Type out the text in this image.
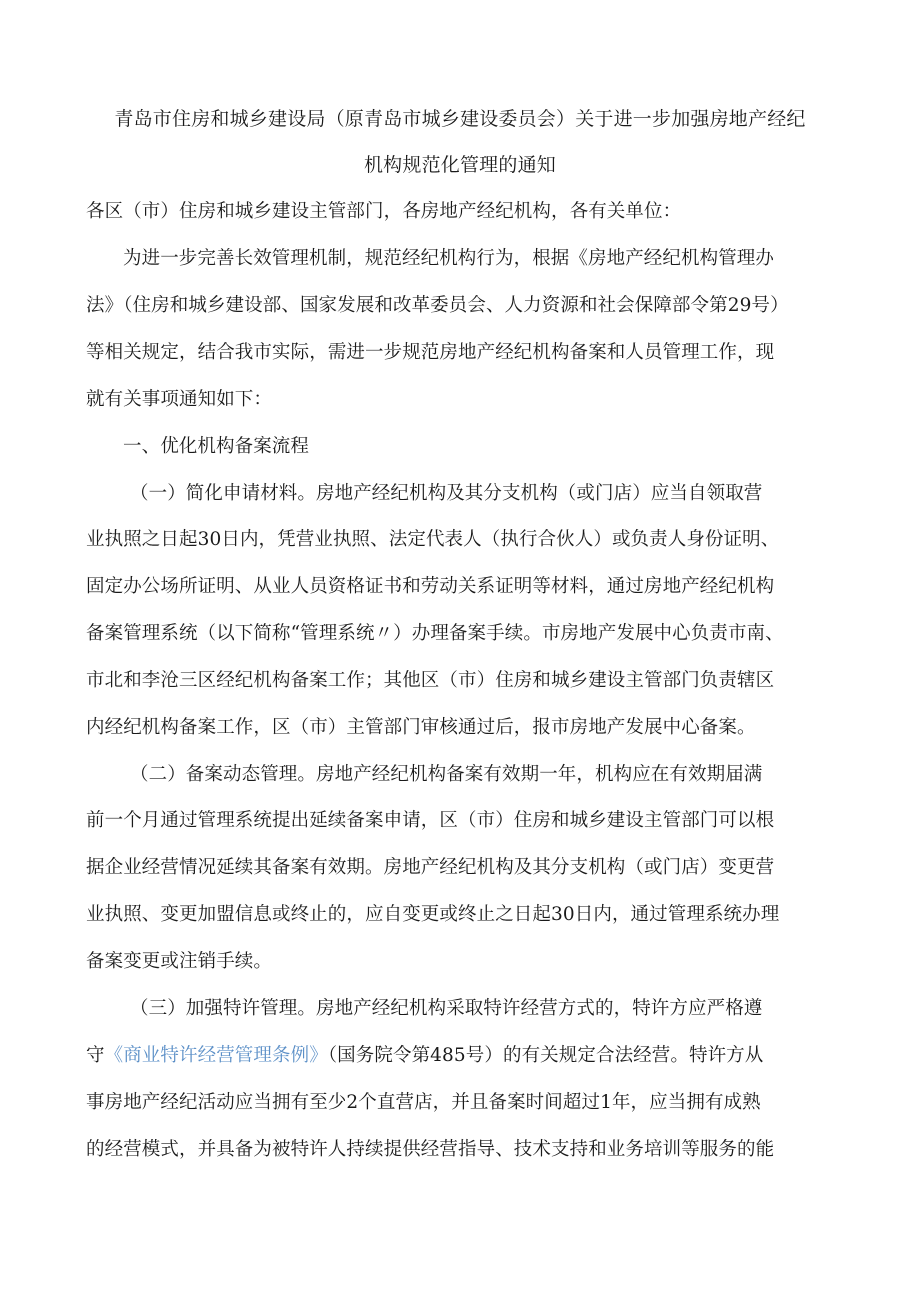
青岛市住房和城乡建设局（原青岛市城乡建设委员会）关于进一步加强房地产经纪
机构规范化管理的通知
各区（市）住房和城乡建设主管部门，各房地产经纪机构，各有关单位：
为进一步完善长效管理机制，规范经纪机构行为，根据《房地产经纪机构管理办
法》（住房和城乡建设部、国家发展和改革委员会、人力资源和社会保障部令第29号）
等相关规定，结合我市实际，需进一步规范房地产经纪机构备案和人员管理工作，现
就有关事项通知如下：
一、优化机构备案流程
（一）简化申请材料。房地产经纪机构及其分支机构（或门店）应当自领取营
业执照之日起30日内，凭营业执照、法定代表人（执行合伙人）或负责人身份证明、
固定办公场所证明、从业人员资格证书和劳动关系证明等材料，通过房地产经纪机构
备案管理系统（以下简称“管理系统〃）办理备案手续。市房地产发展中心负责市南、
市北和李沧三区经纪机构备案工作；其他区（市）住房和城乡建设主管部门负责辖区
内经纪机构备案工作，区（市）主管部门审核通过后，报市房地产发展中心备案。
（二）备案动态管理。房地产经纪机构备案有效期一年，机构应在有效期届满
前一个月通过管理系统提出延续备案申请，区（市）住房和城乡建设主管部门可以根
据企业经营情况延续其备案有效期。房地产经纪机构及其分支机构（或门店）变更营
业执照、变更加盟信息或终止的，应自变更或终止之日起30日内，通过管理系统办理
备案变更或注销手续。
（三）加强特许管理。房地产经纪机构采取特许经营方式的，特许方应严格遵
守《商业特许经营管理条例》（国务院令第485号）的有关规定合法经营。特许方从
事房地产经纪活动应当拥有至少2个直营店，并且备案时间超过1年，应当拥有成熟
的经营模式，并具备为被特许人持续提供经营指导、技术支持和业务培训等服务的能
